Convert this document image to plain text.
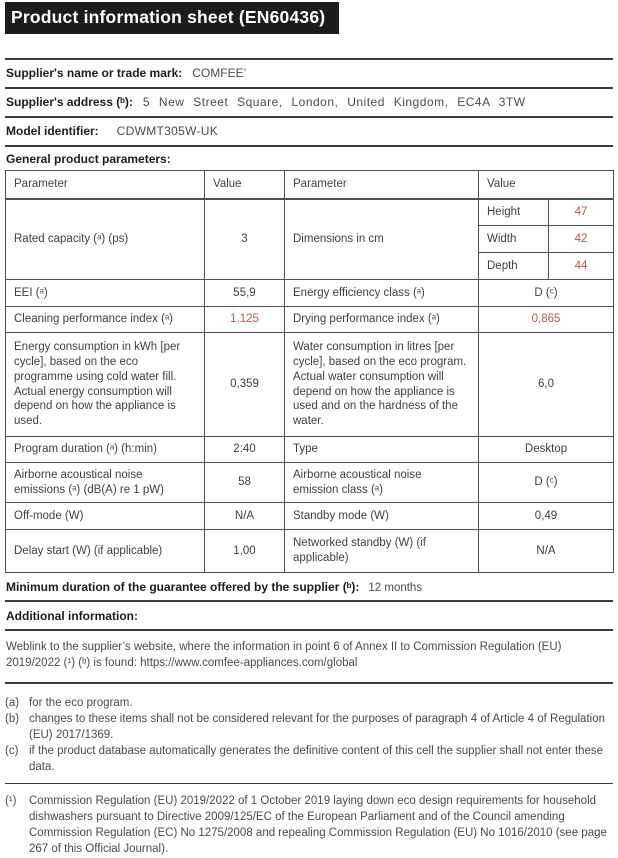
Product information sheet (EN60436)
Supplier's name or trade mark: COMFEE’
Supplier's address (ᵇ): 5 New Street Square, London, United Kingdom, EC4A 3TW
Model identifier: CDWMT305W-UK
General product parameters:
Parameter	Value	Parameter	Value	
Rated capacity (ᵃ) (ps)	3	Dimensions in cm	Height	47
			Width	42
			Depth	44
EEI (ᵃ)	55,9	Energy efficiency class (ᵃ)	D (ᶜ)	
Cleaning performance index (ᵃ)	1,125	Drying performance index (ᵃ)	0,865	
Energy consumption in kWh [per cycle], based on the eco programme using cold water fill. Actual energy consumption will depend on how the appliance is used.	0,359	Water consumption in litres [per cycle], based on the eco program. Actual water consumption will depend on how the appliance is used and on the hardness of the water.	6,0	
Program duration (ᵃ) (h:min)	2:40	Type	Desktop	
Airborne acoustical noise emissions (ᵃ) (dB(A) re 1 pW)	58	Airborne acoustical noise emission class (ᵃ)	D (ᶜ)	
Off-mode (W)	N/A	Standby mode (W)	0,49	
Delay start (W) (if applicable)	1,00	Networked standby (W) (if applicable)	N/A	
Minimum duration of the guarantee offered by the supplier (ᵇ): 12 months
Additional information:
Weblink to the supplier’s website, where the information in point 6 of Annex II to Commission Regulation (EU) 2019/2022 (¹) (ᵇ) is found: https://www.comfee-appliances.com/global
(a) for the eco program.
(b) changes to these items shall not be considered relevant for the purposes of paragraph 4 of Article 4 of Regulation (EU) 2017/1369.
(c) if the product database automatically generates the definitive content of this cell the supplier shall not enter these data.
(¹)	Commission Regulation (EU) 2019/2022 of 1 October 2019 laying down eco design requirements for household dishwashers pursuant to Directive 2009/125/EC of the European Parliament and of the Council amending Commission Regulation (EC) No 1275/2008 and repealing Commission Regulation (EU) No 1016/2010 (see page 267 of this Official Journal).
